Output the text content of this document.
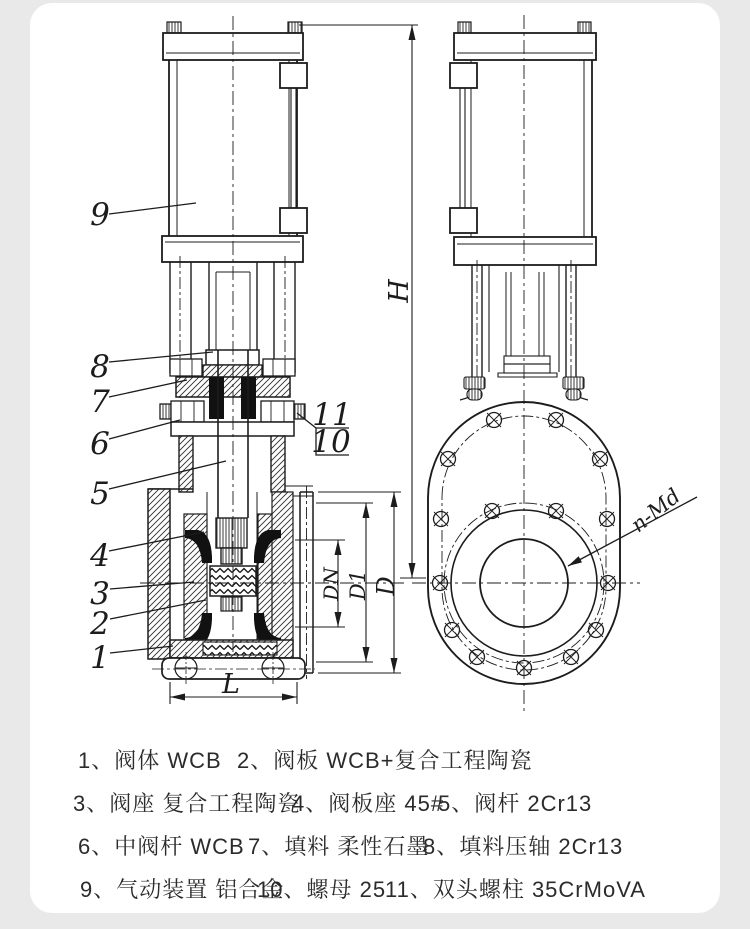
9
8
7
6
5
4
3
2
1
11
10
H
DN D1 D
L
n-Md
1、阀体 WCB 2、阀板 WCB+复合工程陶瓷
3、阀座 复合工程陶瓷
4、阀板座 45#
5、阀杆 2Cr13
6、中阀杆 WCB 7、填料 柔性石墨
8、填料压轴 2Cr13
9、气动装置 铝合金
10、螺母 25
11、双头螺柱 35CrMoVA
